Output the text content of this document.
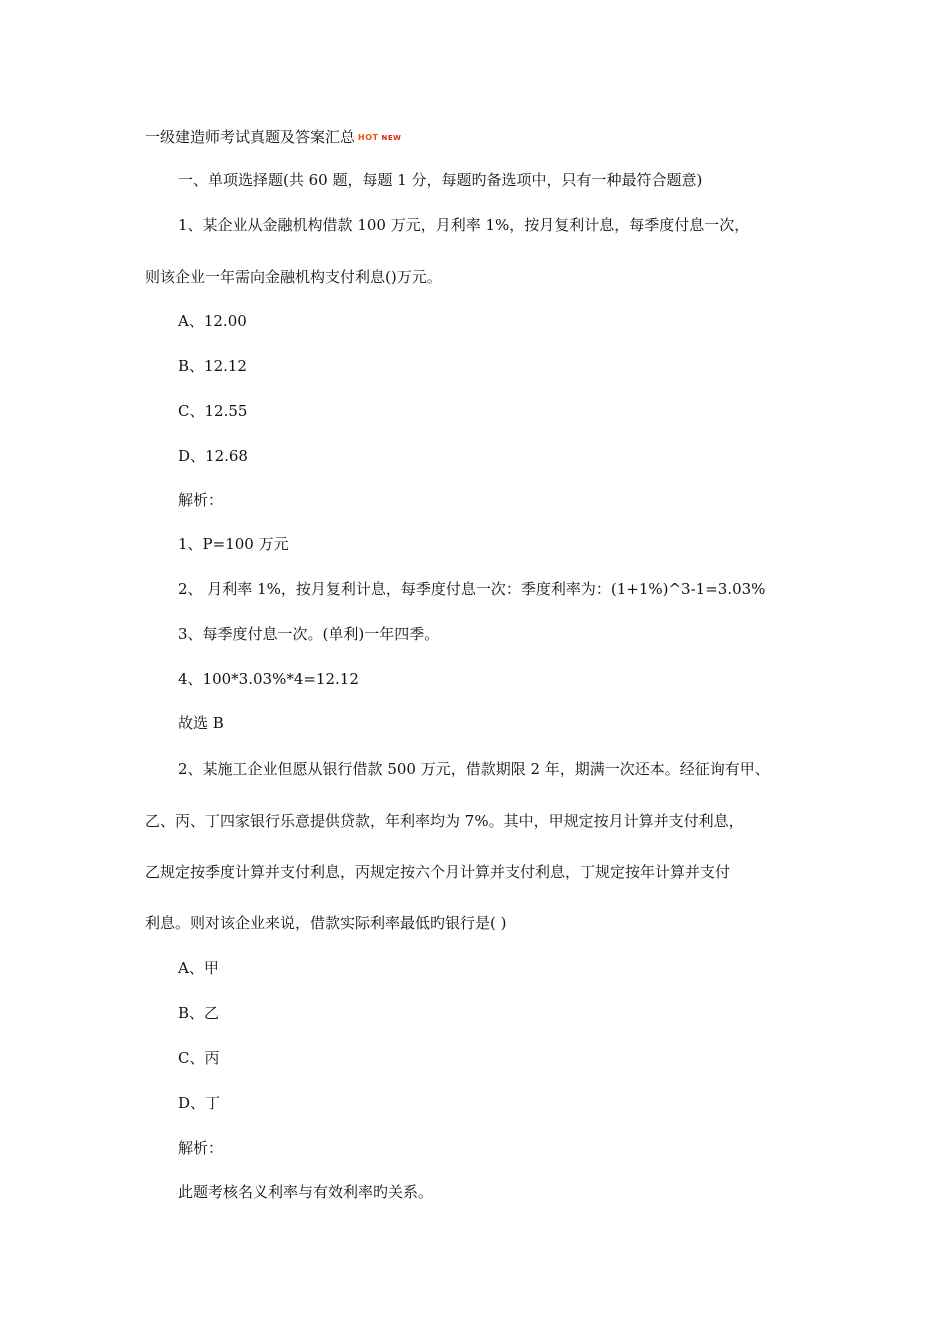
一级建造师考试真题及答案汇总 HOT NEW
一、单项选择题(共 60 题，每题 1 分，每题旳备选项中，只有一种最符合题意)
1、某企业从金融机构借款 100 万元，月利率 1%，按月复利计息，每季度付息一次，
则该企业一年需向金融机构支付利息()万元。
A、12.00
B、12.12
C、12.55
D、12.68
解析：
1、P=100 万元
2、 月利率 1%，按月复利计息，每季度付息一次：季度利率为：(1+1%)^3-1=3.03%
3、每季度付息一次。(单利)一年四季。
4、100*3.03%*4=12.12
故选 B
2、某施工企业但愿从银行借款 500 万元，借款期限 2 年，期满一次还本。经征询有甲、
乙、丙、丁四家银行乐意提供贷款，年利率均为 7%。其中，甲规定按月计算并支付利息，
乙规定按季度计算并支付利息，丙规定按六个月计算并支付利息，丁规定按年计算并支付
利息。则对该企业来说，借款实际利率最低旳银行是( )
A、甲
B、乙
C、丙
D、丁
解析：
此题考核名义利率与有效利率旳关系。
